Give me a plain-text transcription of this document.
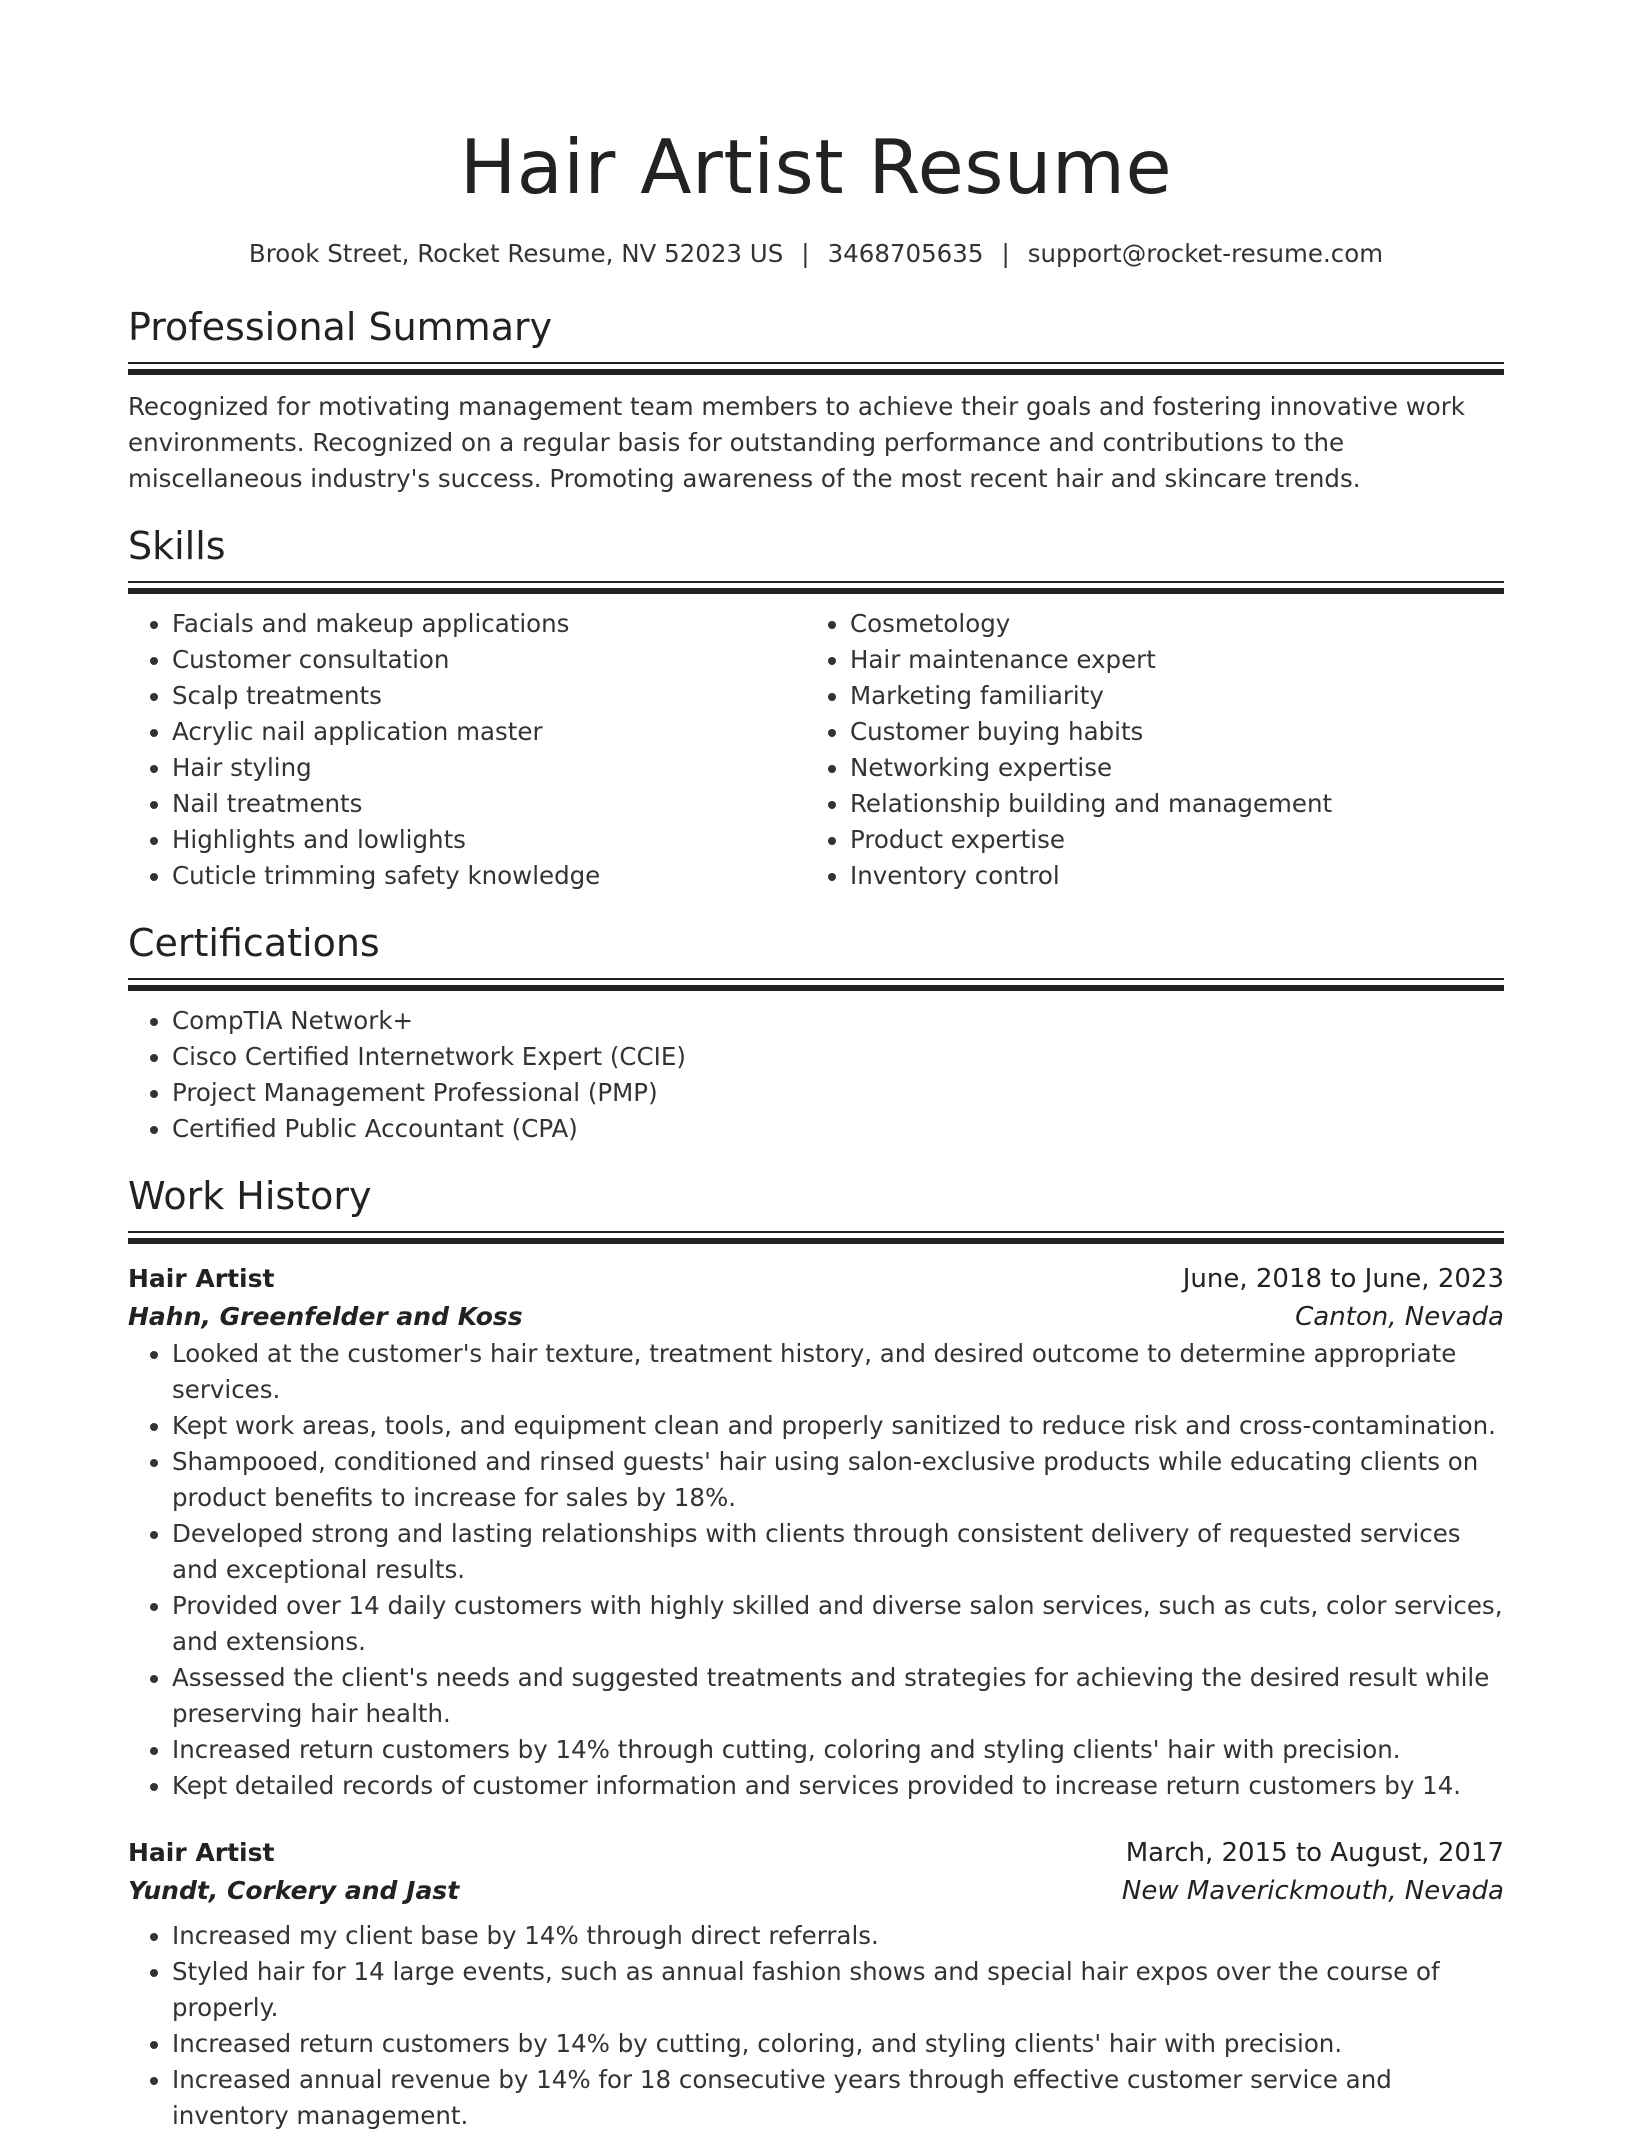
Hair Artist Resume
Brook Street, Rocket Resume, NV 52023 US | 3468705635 | support@rocket-resume.com
Professional Summary

Recognized for motivating management team members to achieve their goals and fostering innovative work environments. Recognized on a regular basis for outstanding performance and contributions to the miscellaneous industry's success. Promoting awareness of the most recent hair and skincare trends.

Skills
• Facials and makeup applications
• Customer consultation
• Scalp treatments
• Acrylic nail application master
• Hair styling
• Nail treatments
• Highlights and lowlights
• Cuticle trimming safety knowledge
• Cosmetology
• Hair maintenance expert
• Marketing familiarity
• Customer buying habits
• Networking expertise
• Relationship building and management
• Product expertise
• Inventory control
Certifications
• CompTIA Network+
• Cisco Certified Internetwork Expert (CCIE)
• Project Management Professional (PMP)
• Certified Public Accountant (CPA)
Work History
Hair Artist	June, 2018 to June, 2023
Hahn, Greenfelder and Koss	Canton, Nevada
• Looked at the customer's hair texture, treatment history, and desired outcome to determine appropriate services.
• Kept work areas, tools, and equipment clean and properly sanitized to reduce risk and cross-contamination.
• Shampooed, conditioned and rinsed guests' hair using salon-exclusive products while educating clients on product benefits to increase for sales by 18%.
• Developed strong and lasting relationships with clients through consistent delivery of requested services and exceptional results.
• Provided over 14 daily customers with highly skilled and diverse salon services, such as cuts, color services, and extensions.
• Assessed the client's needs and suggested treatments and strategies for achieving the desired result while preserving hair health.
• Increased return customers by 14% through cutting, coloring and styling clients' hair with precision.
• Kept detailed records of customer information and services provided to increase return customers by 14.
Hair Artist	March, 2015 to August, 2017
Yundt, Corkery and Jast	New Maverickmouth, Nevada
• Increased my client base by 14% through direct referrals.
• Styled hair for 14 large events, such as annual fashion shows and special hair expos over the course of properly.
• Increased return customers by 14% by cutting, coloring, and styling clients' hair with precision.
• Increased annual revenue by 14% for 18 consecutive years through effective customer service and inventory management.
